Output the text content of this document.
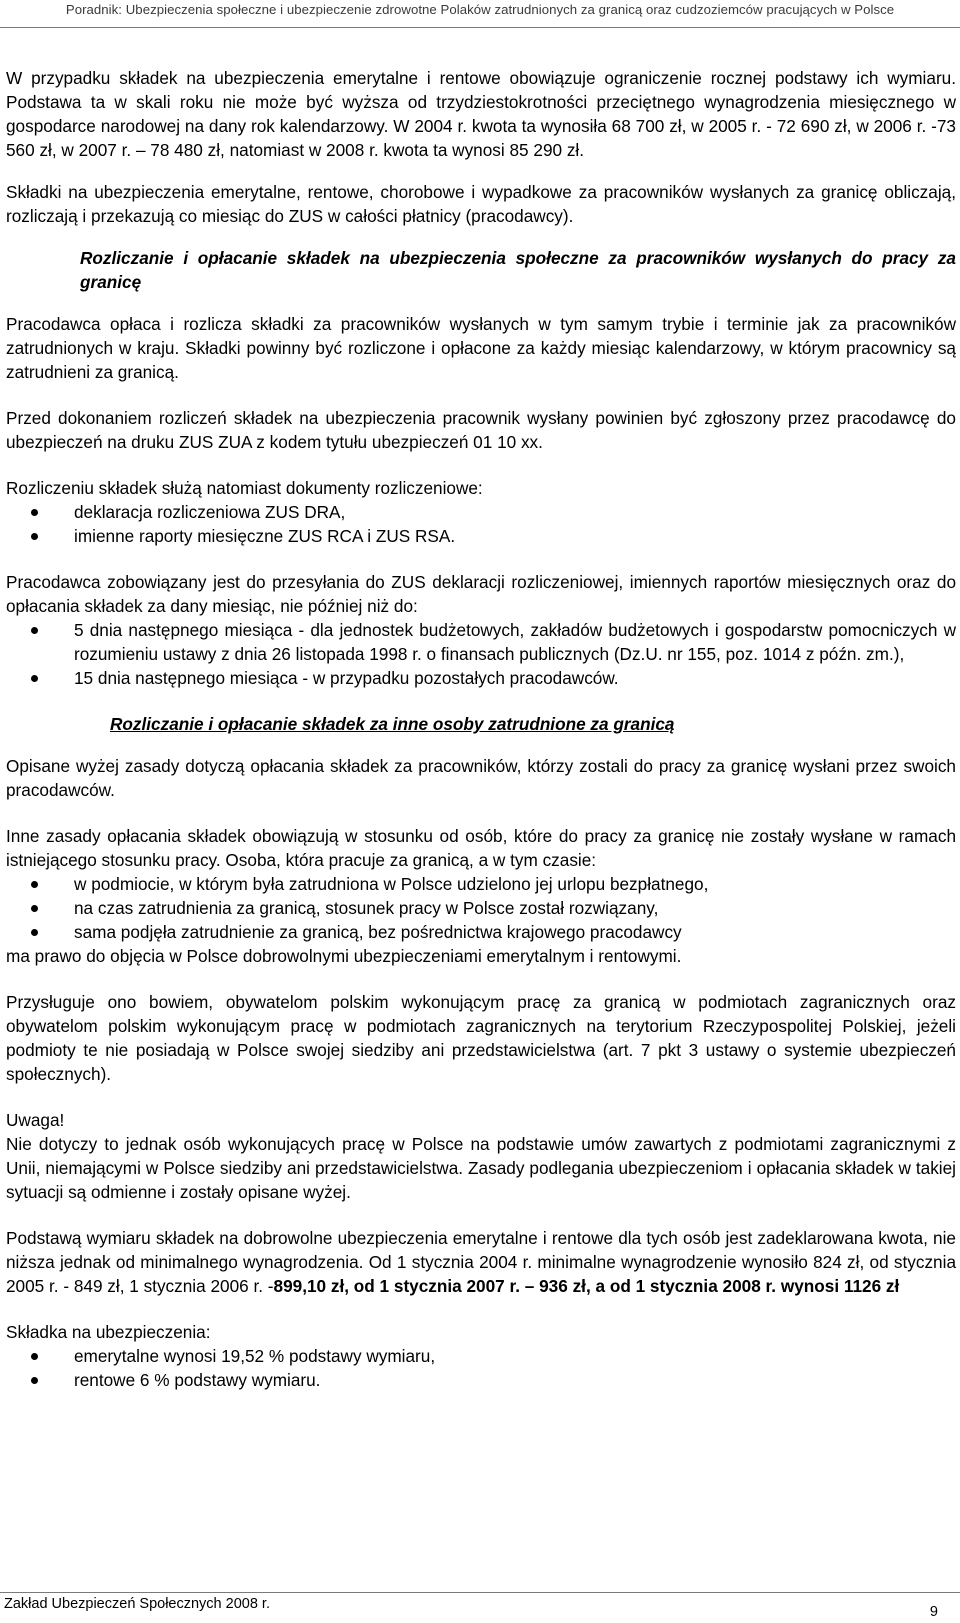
Poradnik: Ubezpieczenia społeczne i ubezpieczenie zdrowotne Polaków zatrudnionych za granicą oraz cudzoziemców pracujących w Polsce

W przypadku składek na ubezpieczenia emerytalne i rentowe obowiązuje ograniczenie rocznej podstawy ich wymiaru. Podstawa ta w skali roku nie może być wyższa od trzydziestokrotności przeciętnego wynagrodzenia miesięcznego w gospodarce narodowej na dany rok kalendarzowy. W 2004 r. kwota ta wynosiła 68 700 zł, w 2005 r. - 72 690 zł, w 2006 r. -73 560 zł, w 2007 r. – 78 480 zł, natomiast w 2008 r. kwota ta wynosi 85 290 zł.

Składki na ubezpieczenia emerytalne, rentowe, chorobowe i wypadkowe za pracowników wysłanych za granicę obliczają, rozliczają i przekazują co miesiąc do ZUS w całości płatnicy (pracodawcy).

Rozliczanie i opłacanie składek na ubezpieczenia społeczne za pracowników wysłanych do pracy za granicę

Pracodawca opłaca i rozlicza składki za pracowników wysłanych w tym samym trybie i terminie jak za pracowników zatrudnionych w kraju. Składki powinny być rozliczone i opłacone za każdy miesiąc kalendarzowy, w którym pracownicy są zatrudnieni za granicą.

Przed dokonaniem rozliczeń składek na ubezpieczenia pracownik wysłany powinien być zgłoszony przez pracodawcę do ubezpieczeń na druku ZUS ZUA z kodem tytułu ubezpieczeń 01 10 xx.

Rozliczeniu składek służą natomiast dokumenty rozliczeniowe:

deklaracja rozliczeniowa ZUS DRA,
imienne raporty miesięczne ZUS RCA i ZUS RSA.

Pracodawca zobowiązany jest do przesyłania do ZUS deklaracji rozliczeniowej, imiennych raportów miesięcznych oraz do opłacania składek za dany miesiąc, nie później niż do:

5 dnia następnego miesiąca - dla jednostek budżetowych, zakładów budżetowych i gospodarstw pomocniczych w rozumieniu ustawy z dnia 26 listopada 1998 r. o finansach publicznych (Dz.U. nr 155, poz. 1014 z późn. zm.),
15 dnia następnego miesiąca - w przypadku pozostałych pracodawców.

Rozliczanie i opłacanie składek za inne osoby zatrudnione za granicą

Opisane wyżej zasady dotyczą opłacania składek za pracowników, którzy zostali do pracy za granicę wysłani przez swoich pracodawców.

Inne zasady opłacania składek obowiązują w stosunku od osób, które do pracy za granicę nie zostały wysłane w ramach istniejącego stosunku pracy. Osoba, która pracuje za granicą, a w tym czasie:

w podmiocie, w którym była zatrudniona w Polsce udzielono jej urlopu bezpłatnego,
na czas zatrudnienia za granicą, stosunek pracy w Polsce został rozwiązany,
sama podjęła zatrudnienie za granicą, bez pośrednictwa krajowego pracodawcy

ma prawo do objęcia w Polsce dobrowolnymi ubezpieczeniami emerytalnym i rentowymi.

Przysługuje ono bowiem, obywatelom polskim wykonującym pracę za granicą w podmiotach zagranicznych oraz obywatelom polskim wykonującym pracę w podmiotach zagranicznych na terytorium Rzeczypospolitej Polskiej, jeżeli podmioty te nie posiadają w Polsce swojej siedziby ani przedstawicielstwa (art. 7 pkt 3 ustawy o systemie ubezpieczeń społecznych).

Uwaga!

Nie dotyczy to jednak osób wykonujących pracę w Polsce na podstawie umów zawartych z podmiotami zagranicznymi z Unii, niemającymi w Polsce siedziby ani przedstawicielstwa. Zasady podlegania ubezpieczeniom i opłacania składek w takiej sytuacji są odmienne i zostały opisane wyżej.

Podstawą wymiaru składek na dobrowolne ubezpieczenia emerytalne i rentowe dla tych osób jest zadeklarowana kwota, nie niższa jednak od minimalnego wynagrodzenia. Od 1 stycznia 2004 r. minimalne wynagrodzenie wynosiło 824 zł, od stycznia 2005 r. - 849 zł, 1 stycznia 2006 r. -899,10 zł, od 1 stycznia 2007 r. – 936 zł, a od 1 stycznia 2008 r. wynosi 1126 zł

Składka na ubezpieczenia:

emerytalne wynosi 19,52 % podstawy wymiaru,
rentowe 6 % podstawy wymiaru.
Zakład Ubezpieczeń Społecznych 2008 r.	9
